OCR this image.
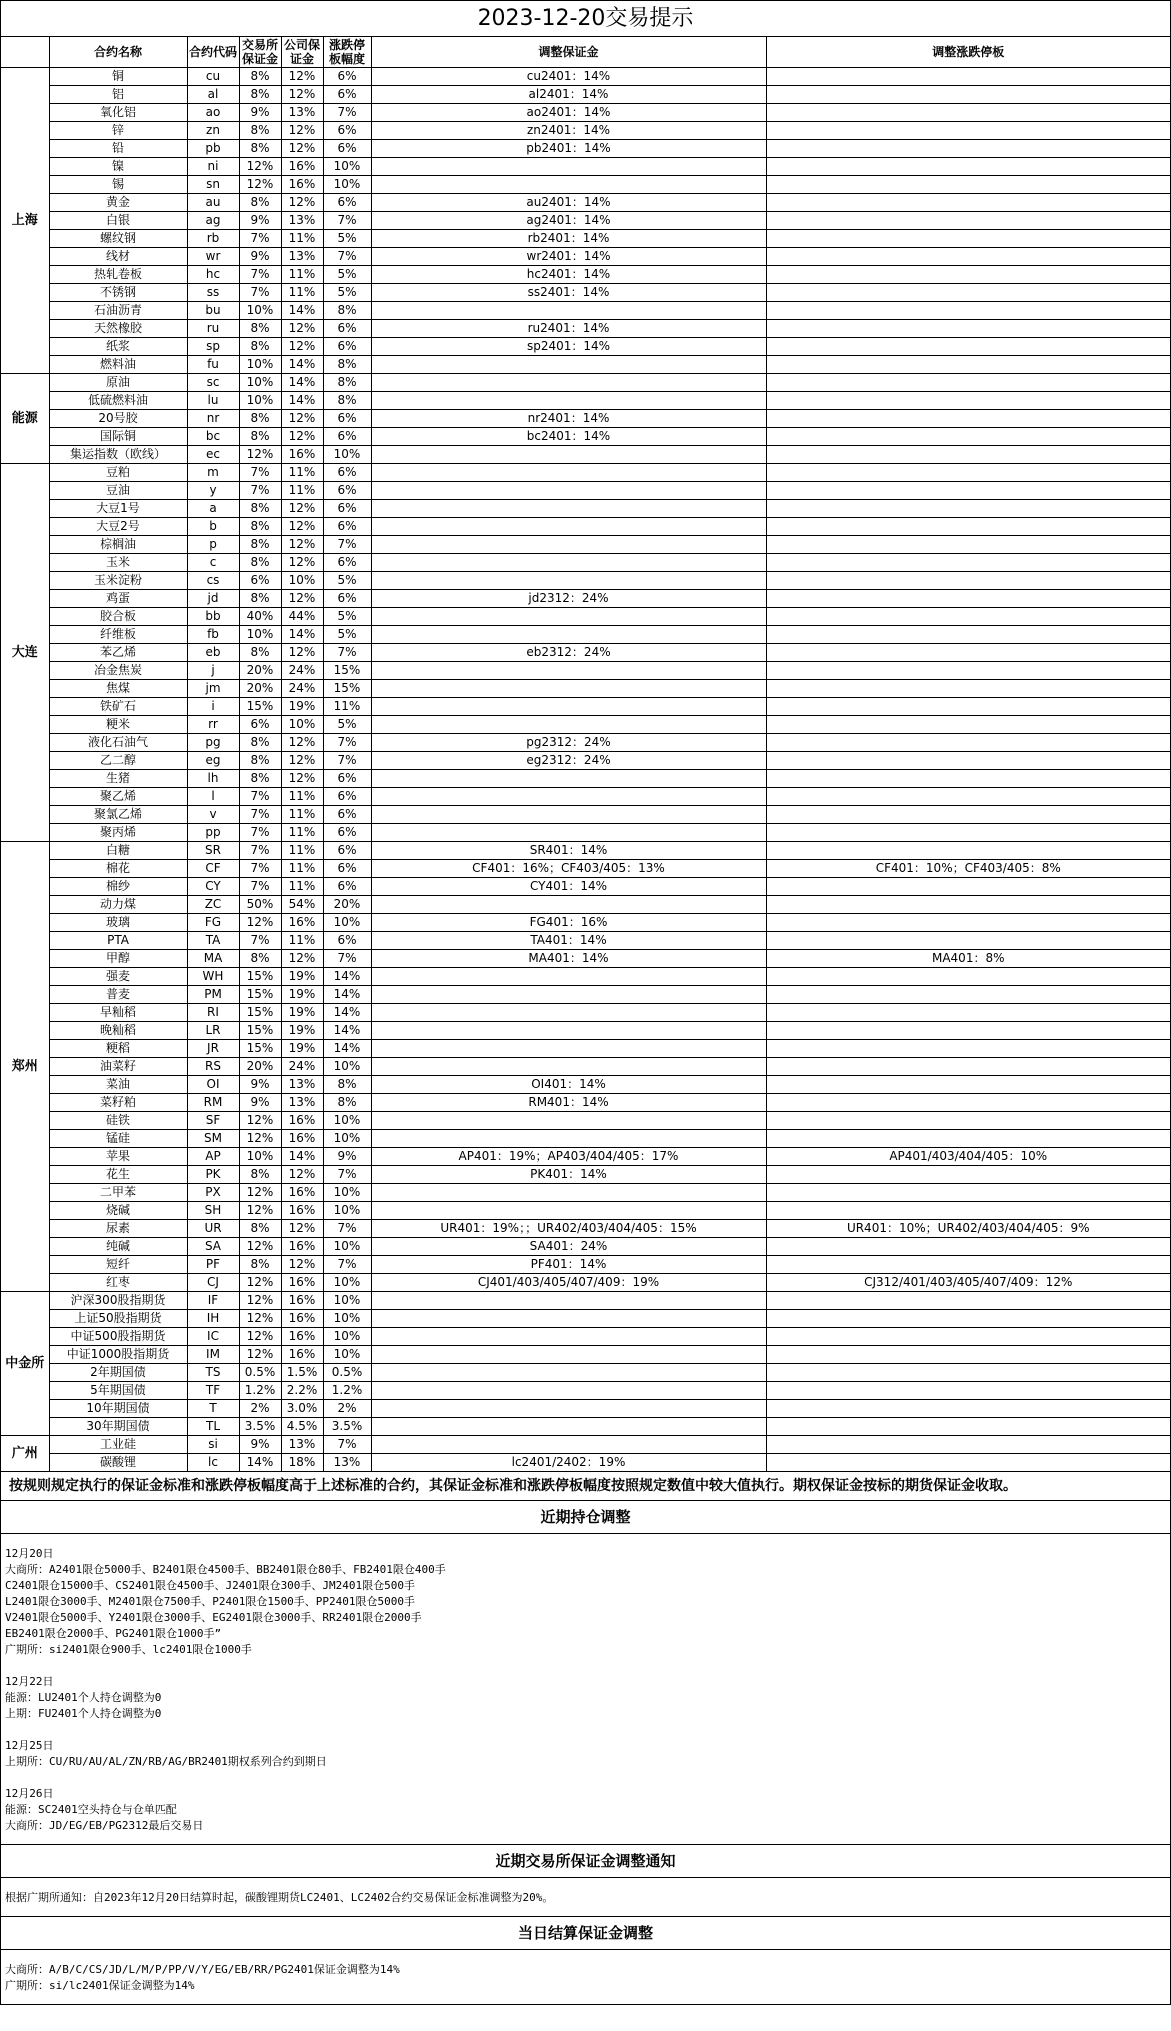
2023-12-20交易提示
	合约名称	合约代码	交易所保证金	公司保证金	涨跌停板幅度	调整保证金	调整涨跌停板
上海	铜	cu	8%	12%	6%	cu2401：14%	
	铝	al	8%	12%	6%	al2401：14%	
	氧化铝	ao	9%	13%	7%	ao2401：14%	
	锌	zn	8%	12%	6%	zn2401：14%	
	铅	pb	8%	12%	6%	pb2401：14%	
	镍	ni	12%	16%	10%		
	锡	sn	12%	16%	10%		
	黄金	au	8%	12%	6%	au2401：14%	
	白银	ag	9%	13%	7%	ag2401：14%	
	螺纹钢	rb	7%	11%	5%	rb2401：14%	
	线材	wr	9%	13%	7%	wr2401：14%	
	热轧卷板	hc	7%	11%	5%	hc2401：14%	
	不锈钢	ss	7%	11%	5%	ss2401：14%	
	石油沥青	bu	10%	14%	8%		
	天然橡胶	ru	8%	12%	6%	ru2401：14%	
	纸浆	sp	8%	12%	6%	sp2401：14%	
	燃料油	fu	10%	14%	8%		
能源	原油	sc	10%	14%	8%		
	低硫燃料油	lu	10%	14%	8%		
	20号胶	nr	8%	12%	6%	nr2401：14%	
	国际铜	bc	8%	12%	6%	bc2401：14%	
	集运指数（欧线）	ec	12%	16%	10%		
大连	豆粕	m	7%	11%	6%		
	豆油	y	7%	11%	6%		
	大豆1号	a	8%	12%	6%		
	大豆2号	b	8%	12%	6%		
	棕榈油	p	8%	12%	7%		
	玉米	c	8%	12%	6%		
	玉米淀粉	cs	6%	10%	5%		
	鸡蛋	jd	8%	12%	6%	jd2312：24%	
	胶合板	bb	40%	44%	5%		
	纤维板	fb	10%	14%	5%		
	苯乙烯	eb	8%	12%	7%	eb2312：24%	
	冶金焦炭	j	20%	24%	15%		
	焦煤	jm	20%	24%	15%		
	铁矿石	i	15%	19%	11%		
	粳米	rr	6%	10%	5%		
	液化石油气	pg	8%	12%	7%	pg2312：24%	
	乙二醇	eg	8%	12%	7%	eg2312：24%	
	生猪	lh	8%	12%	6%		
	聚乙烯	l	7%	11%	6%		
	聚氯乙烯	v	7%	11%	6%		
	聚丙烯	pp	7%	11%	6%		
郑州	白糖	SR	7%	11%	6%	SR401：14%	
	棉花	CF	7%	11%	6%	CF401：16%；CF403/405：13%	CF401：10%；CF403/405：8%
	棉纱	CY	7%	11%	6%	CY401：14%	
	动力煤	ZC	50%	54%	20%		
	玻璃	FG	12%	16%	10%	FG401：16%	
	PTA	TA	7%	11%	6%	TA401：14%	
	甲醇	MA	8%	12%	7%	MA401：14%	MA401：8%
	强麦	WH	15%	19%	14%		
	普麦	PM	15%	19%	14%		
	早籼稻	RI	15%	19%	14%		
	晚籼稻	LR	15%	19%	14%		
	粳稻	JR	15%	19%	14%		
	油菜籽	RS	20%	24%	10%		
	菜油	OI	9%	13%	8%	OI401：14%	
	菜籽粕	RM	9%	13%	8%	RM401：14%	
	硅铁	SF	12%	16%	10%		
	锰硅	SM	12%	16%	10%		
	苹果	AP	10%	14%	9%	AP401：19%；AP403/404/405：17%	AP401/403/404/405：10%
	花生	PK	8%	12%	7%	PK401：14%	
	二甲苯	PX	12%	16%	10%		
	烧碱	SH	12%	16%	10%		
	尿素	UR	8%	12%	7%	UR401：19%；；UR402/403/404/405：15%	UR401：10%；UR402/403/404/405：9%
	纯碱	SA	12%	16%	10%	SA401：24%	
	短纤	PF	8%	12%	7%	PF401：14%	
	红枣	CJ	12%	16%	10%	CJ401/403/405/407/409：19%	CJ312/401/403/405/407/409：12%
中金所	沪深300股指期货	IF	12%	16%	10%		
	上证50股指期货	IH	12%	16%	10%		
	中证500股指期货	IC	12%	16%	10%		
	中证1000股指期货	IM	12%	16%	10%		
	2年期国债	TS	0.5%	1.5%	0.5%		
	5年期国债	TF	1.2%	2.2%	1.2%		
	10年期国债	T	2%	3.0%	2%		
	30年期国债	TL	3.5%	4.5%	3.5%		
广州	工业硅	si	9%	13%	7%		
	碳酸锂	lc	14%	18%	13%	lc2401/2402：19%	
按规则规定执行的保证金标准和涨跌停板幅度高于上述标准的合约，其保证金标准和涨跌停板幅度按照规定数值中较大值执行。期权保证金按标的期货保证金收取。
近期持仓调整
12月20日
大商所：A2401限仓5000手、B2401限仓4500手、BB2401限仓80手、FB2401限仓400手
C2401限仓15000手、CS2401限仓4500手、J2401限仓300手、JM2401限仓500手
L2401限仓3000手、M2401限仓7500手、P2401限仓1500手、PP2401限仓5000手
V2401限仓5000手、Y2401限仓3000手、EG2401限仓3000手、RR2401限仓2000手
EB2401限仓2000手、PG2401限仓1000手”
广期所：si2401限仓900手、lc2401限仓1000手
12月22日
能源：LU2401个人持仓调整为0
上期：FU2401个人持仓调整为0
12月25日
上期所：CU/RU/AU/AL/ZN/RB/AG/BR2401期权系列合约到期日
12月26日
能源：SC2401空头持仓与仓单匹配
大商所：JD/EG/EB/PG2312最后交易日
近期交易所保证金调整通知
根据广期所通知：自2023年12月20日结算时起，碳酸锂期货LC2401、LC2402合约交易保证金标准调整为20%。
当日结算保证金调整
大商所：A/B/C/CS/JD/L/M/P/PP/V/Y/EG/EB/RR/PG2401保证金调整为14%
广期所：si/lc2401保证金调整为14%
